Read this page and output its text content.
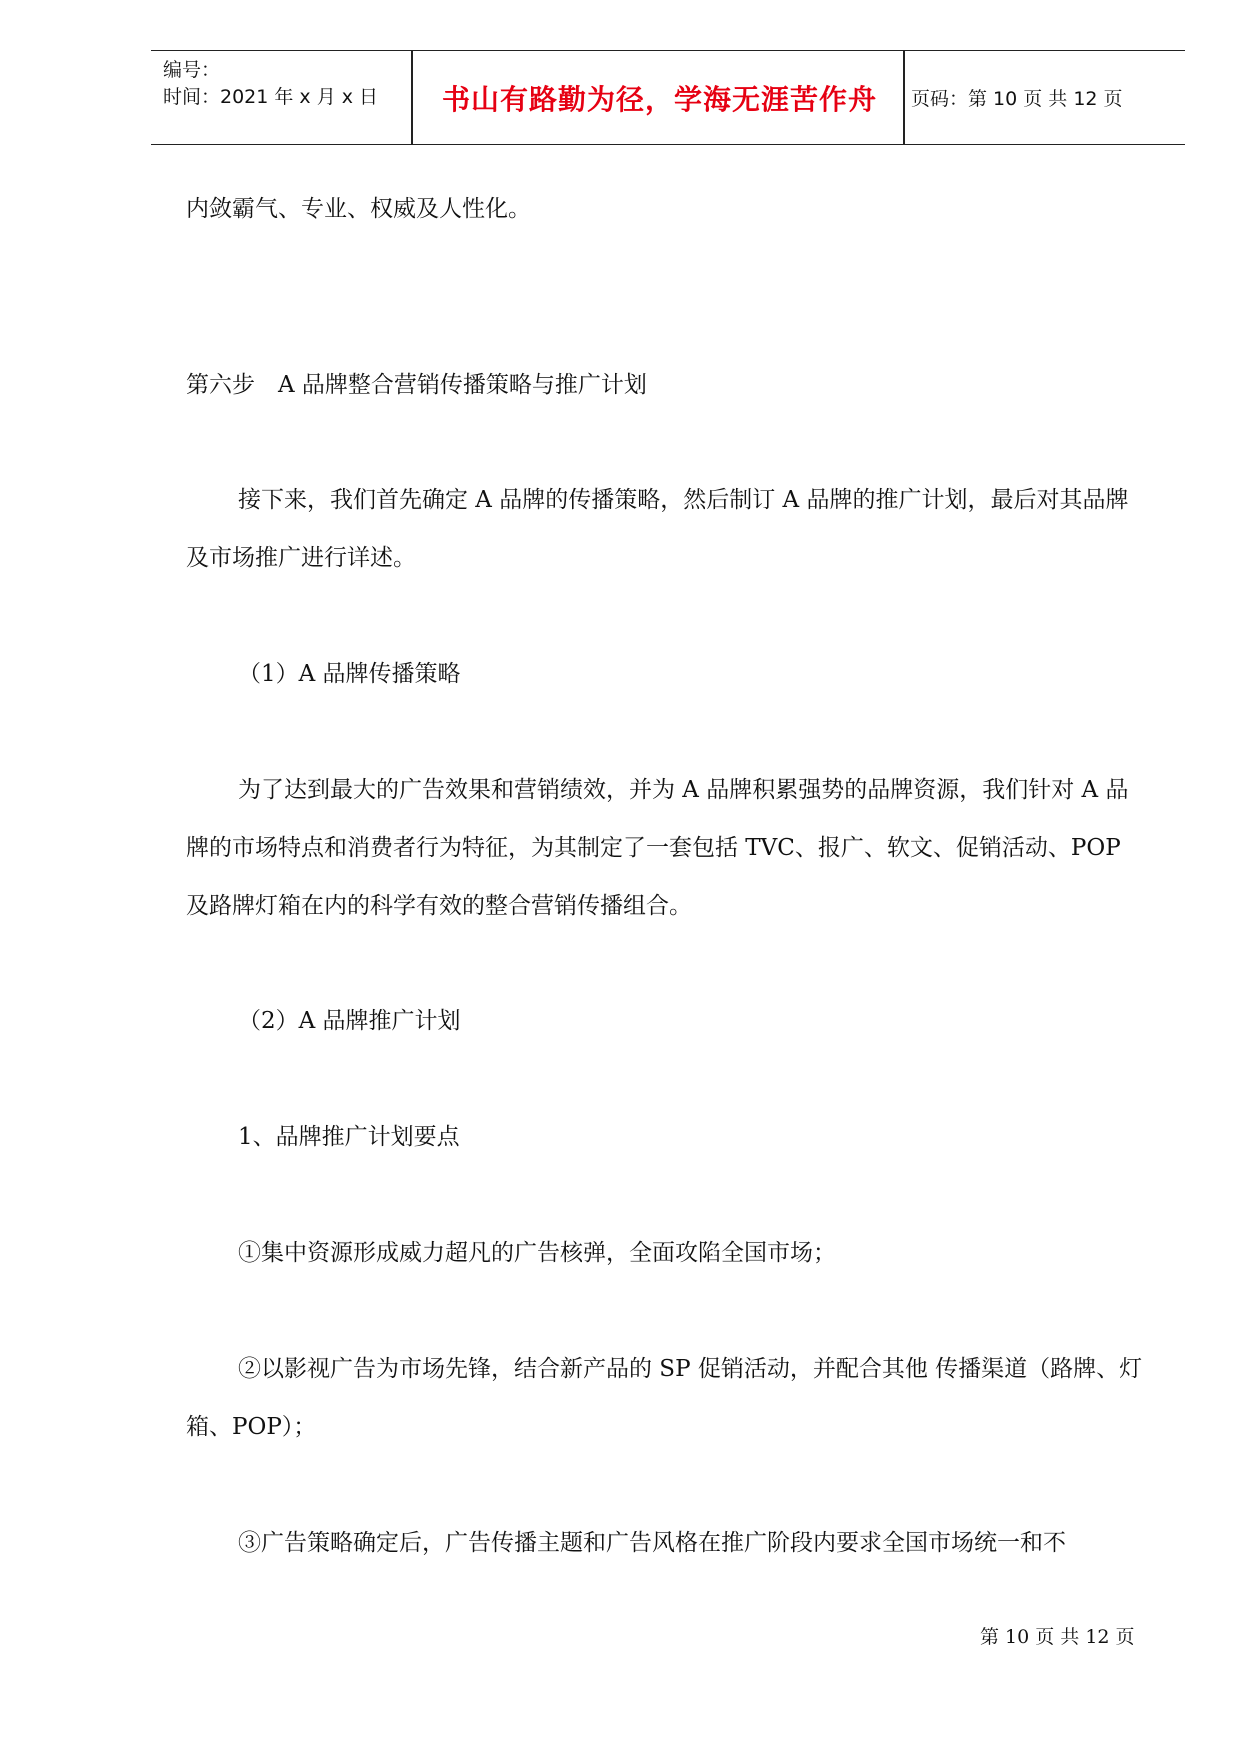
编号：
时间：2021 年 x 月 x 日	书山有路勤为径，学海无涯苦作舟	页码：第 10 页 共 12 页

内敛霸气、专业、权威及人性化。

第六步　A 品牌整合营销传播策略与推广计划

接下来，我们首先确定 A 品牌的传播策略，然后制订 A 品牌的推广计划，最后对其品牌及市场推广进行详述。

（1）A 品牌传播策略

为了达到最大的广告效果和营销绩效，并为 A 品牌积累强势的品牌资源，我们针对 A 品牌的市场特点和消费者行为特征，为其制定了一套包括 TVC、报广、软文、促销活动、POP 及路牌灯箱在内的科学有效的整合营销传播组合。

（2）A 品牌推广计划

1、品牌推广计划要点

①集中资源形成威力超凡的广告核弹，全面攻陷全国市场；

②以影视广告为市场先锋，结合新产品的 SP 促销活动，并配合其他 传播渠道（路牌、灯箱、POP）；

③广告策略确定后，广告传播主题和广告风格在推广阶段内要求全国市场统一和不

第 10 页 共 12 页
